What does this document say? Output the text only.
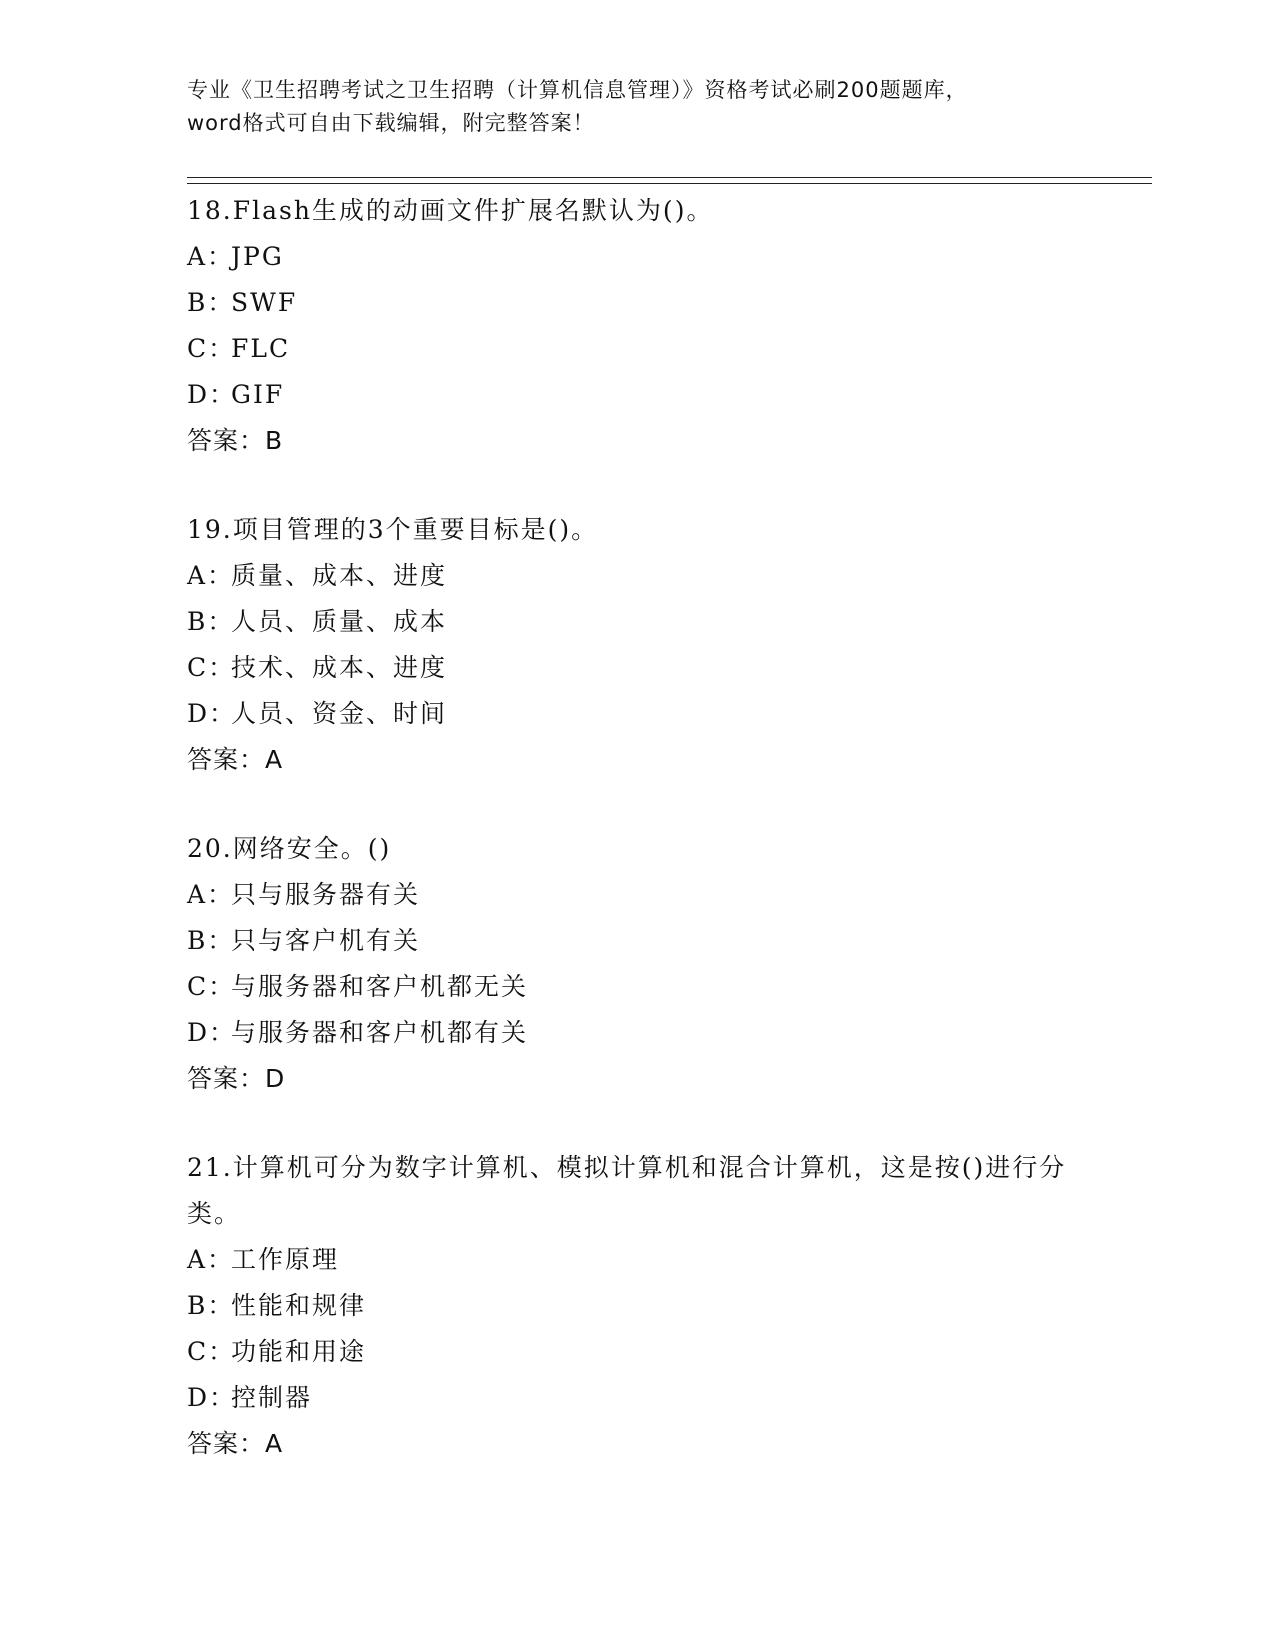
专业《卫生招聘考试之卫生招聘（计算机信息管理）》资格考试必刷200题题库，

word格式可自由下载编辑，附完整答案！

18.Flash生成的动画文件扩展名默认为()。

A：JPG

B：SWF

C：FLC

D：GIF

答案：B

19.项目管理的3个重要目标是()。

A：质量、成本、进度

B：人员、质量、成本

C：技术、成本、进度

D：人员、资金、时间

答案：A

20.网络安全。()

A：只与服务器有关

B：只与客户机有关

C：与服务器和客户机都无关

D：与服务器和客户机都有关

答案：D

21.计算机可分为数字计算机、模拟计算机和混合计算机，这是按()进行分类。

A：工作原理

B：性能和规律

C：功能和用途

D：控制器

答案：A
